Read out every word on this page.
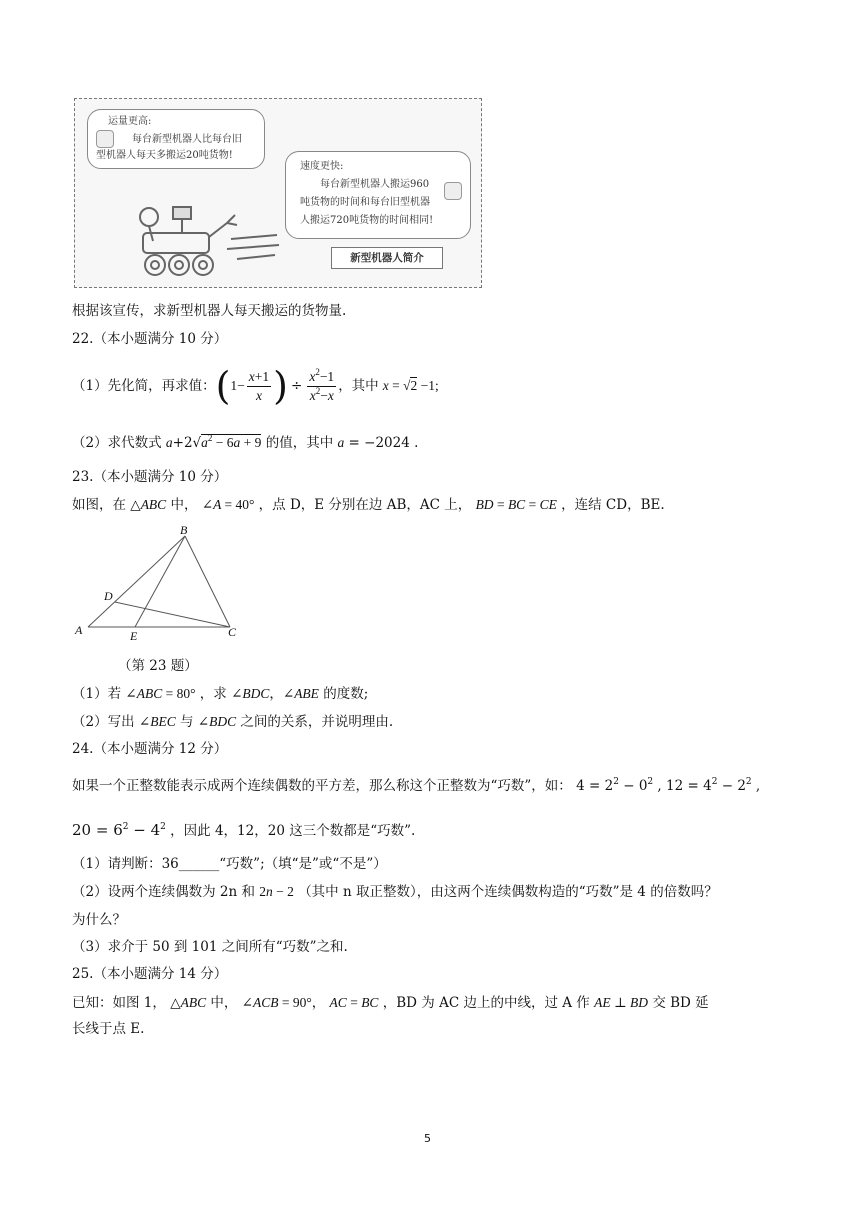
运量更高:
每台新型机器人比每台旧
型机器人每天多搬运20吨货物!
速度更快:
每台新型机器人搬运960
吨货物的时间和每台旧型机器
人搬运720吨货物的时间相同!
新型机器人简介
根据该宣传，求新型机器人每天搬运的货物量.
22.（本小题满分 10 分）
（1）先化简，再求值： ( $1- \frac{x+1}{x}$ ) ÷ $\frac{x^2-1}{x^2-x}$ ，其中 x = √2 −1;
（2）求代数式 $a+2√a^2 - 6a + 9$ 的值，其中 a = −2024 .
23.（本小题满分 10 分）
如图，在 △ABC 中， ∠A = 40° ，点 D，E 分别在边 AB，AC 上， BD = BC = CE ，连结 CD，BE.
B
D
A	E	C
（第 23 题）
（1）若 ∠ABC = 80° ，求 ∠BDC，∠ABE 的度数;
（2）写出 ∠BEC 与 ∠BDC 之间的关系，并说明理由.
24.（本小题满分 12 分）
如果一个正整数能表示成两个连续偶数的平方差，那么称这个正整数为“巧数”，如： $4 = 2^2 - 0^2$ , $12 = 4^2 - 2^2$ ,
$20 = 6^2 - 4^2$ ，因此 4，12，20 这三个数都是“巧数”.
（1）请判断：36______“巧数”;（填“是”或“不是”）
（2）设两个连续偶数为 2n 和 2n − 2 （其中 n 取正整数），由这两个连续偶数构造的“巧数”是 4 的倍数吗？
为什么？
（3）求介于 50 到 101 之间所有“巧数”之和.
25.（本小题满分 14 分）
已知：如图 1， △ABC 中， ∠ACB = 90°， AC = BC ，BD 为 AC 边上的中线，过 A 作 AE ⊥ BD 交 BD 延
长线于点 E.
5
